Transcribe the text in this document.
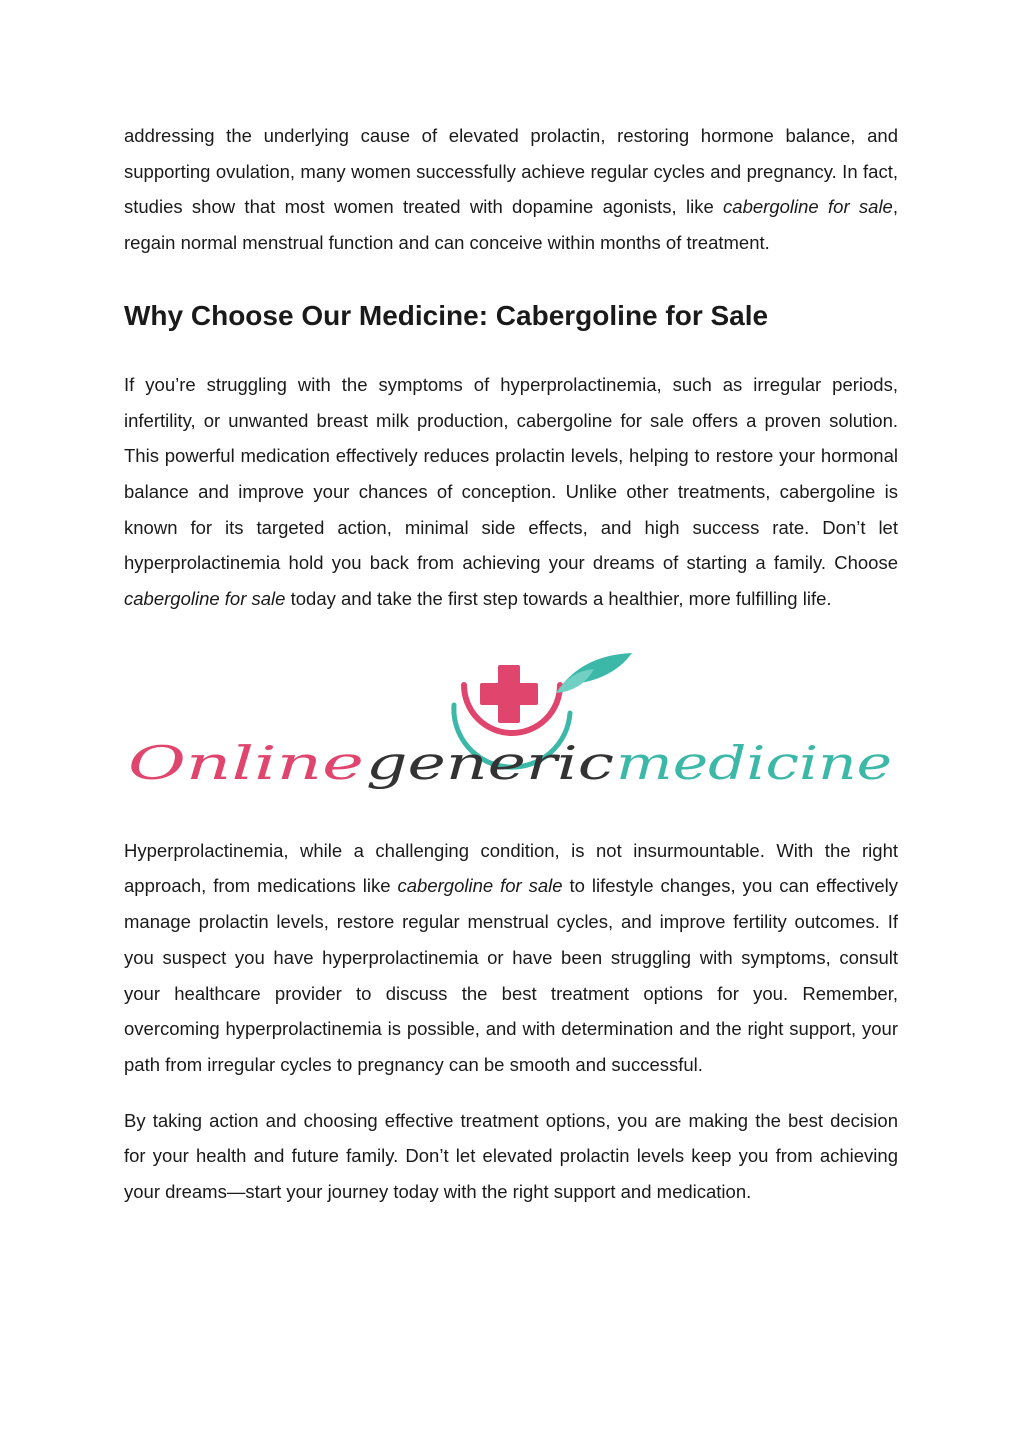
addressing the underlying cause of elevated prolactin, restoring hormone balance, and supporting ovulation, many women successfully achieve regular cycles and pregnancy. In fact, studies show that most women treated with dopamine agonists, like cabergoline for sale, regain normal menstrual function and can conceive within months of treatment.

Why Choose Our Medicine: Cabergoline for Sale

If you’re struggling with the symptoms of hyperprolactinemia, such as irregular periods, infertility, or unwanted breast milk production, cabergoline for sale offers a proven solution. This powerful medication effectively reduces prolactin levels, helping to restore your hormonal balance and improve your chances of conception. Unlike other treatments, cabergoline is known for its targeted action, minimal side effects, and high success rate. Don’t let hyperprolactinemia hold you back from achieving your dreams of starting a family. Choose cabergoline for sale today and take the first step towards a healthier, more fulfilling life.

Online generic medicine

Hyperprolactinemia, while a challenging condition, is not insurmountable. With the right approach, from medications like cabergoline for sale to lifestyle changes, you can effectively manage prolactin levels, restore regular menstrual cycles, and improve fertility outcomes. If you suspect you have hyperprolactinemia or have been struggling with symptoms, consult your healthcare provider to discuss the best treatment options for you. Remember, overcoming hyperprolactinemia is possible, and with determination and the right support, your path from irregular cycles to pregnancy can be smooth and successful.

By taking action and choosing effective treatment options, you are making the best decision for your health and future family. Don’t let elevated prolactin levels keep you from achieving your dreams—start your journey today with the right support and medication.
